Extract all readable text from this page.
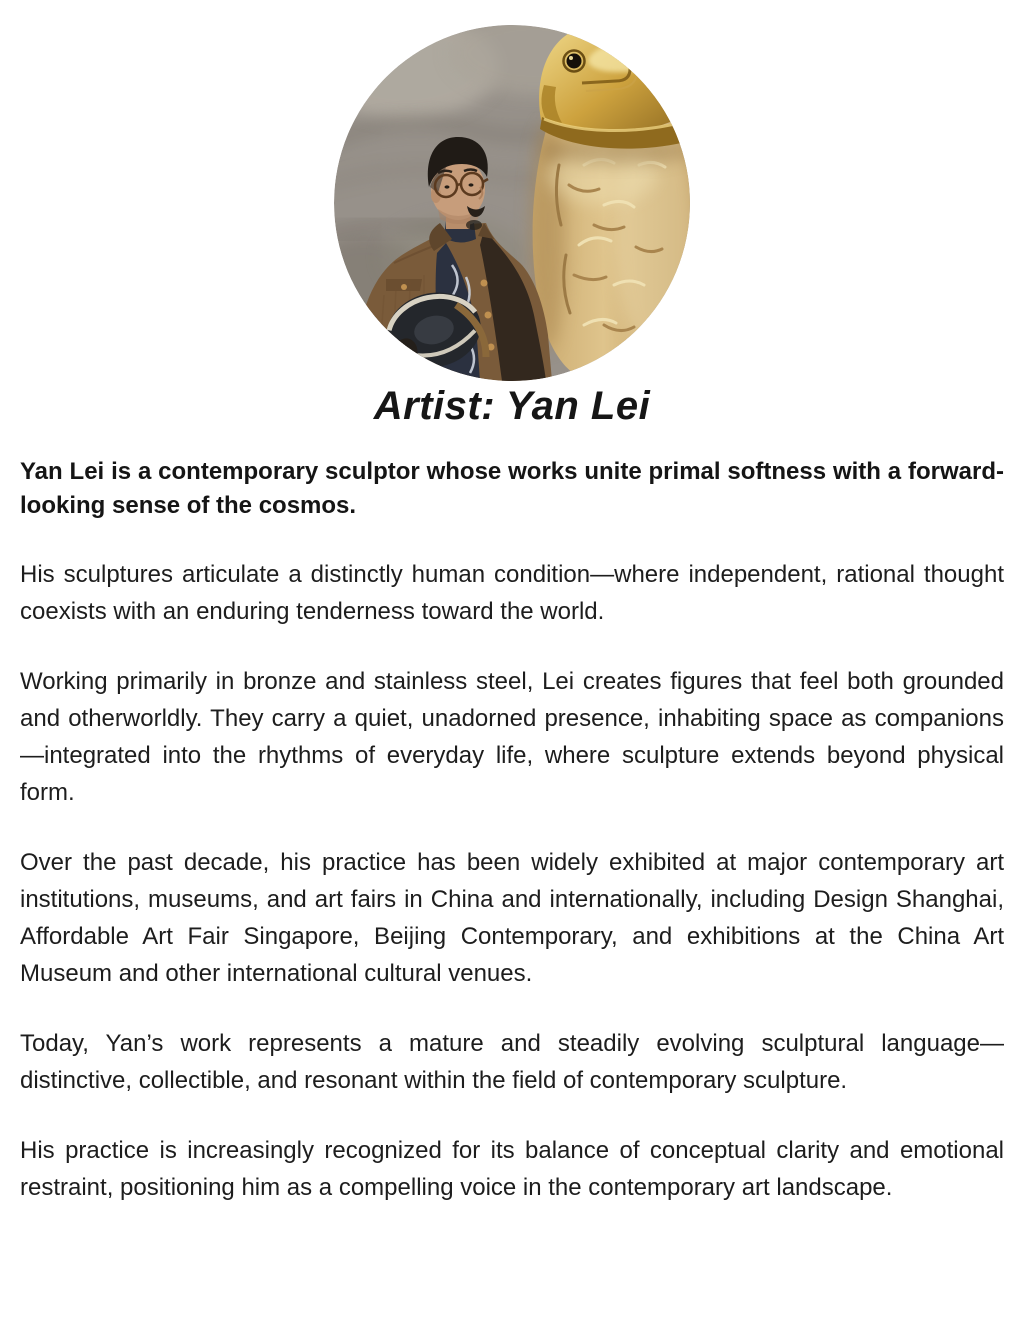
Artist: Yan Lei

Yan Lei is a contemporary sculptor whose works unite primal softness with a forward-looking sense of the cosmos.

His sculptures articulate a distinctly human condition—where independent, rational thought coexists with an enduring tenderness toward the world.

Working primarily in bronze and stainless steel, Lei creates figures that feel both grounded and otherworldly. They carry a quiet, unadorned presence, inhabiting space as companions—integrated into the rhythms of everyday life, where sculpture extends beyond physical form.

Over the past decade, his practice has been widely exhibited at major contemporary art institutions, museums, and art fairs in China and internationally, including Design Shanghai, Affordable Art Fair Singapore, Beijing Contemporary, and exhibitions at the China Art Museum and other international cultural venues.

Today, Yan’s work represents a mature and steadily evolving sculptural language—distinctive, collectible, and resonant within the field of contemporary sculpture.

His practice is increasingly recognized for its balance of conceptual clarity and emotional restraint, positioning him as a compelling voice in the contemporary art landscape.
